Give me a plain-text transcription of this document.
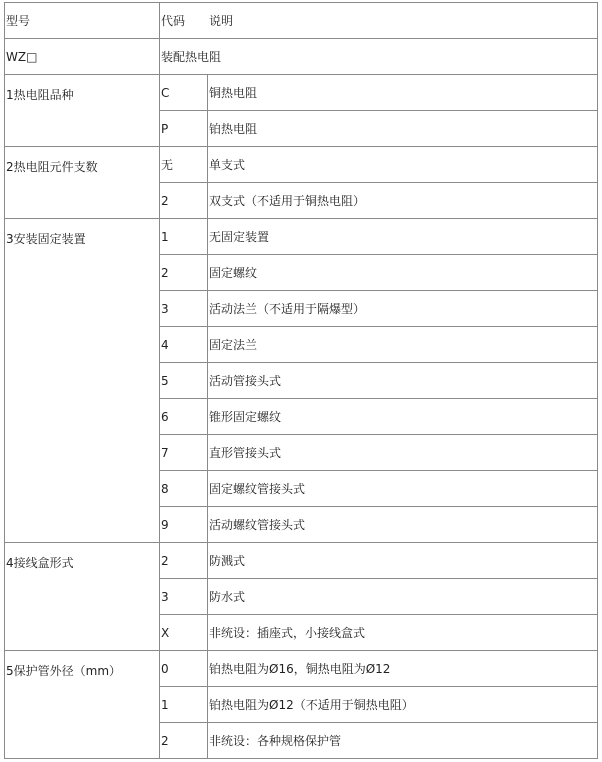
型号	代码 说明	
WZ□	装配热电阻	
1热电阻品种	C	铜热电阻
	P	铂热电阻
2热电阻元件支数	无	单支式
	2	双支式（不适用于铜热电阻）
3安装固定装置	1	无固定装置
	2	固定螺纹
	3	活动法兰（不适用于隔爆型）
	4	固定法兰
	5	活动管接头式
	6	锥形固定螺纹
	7	直形管接头式
	8	固定螺纹管接头式
	9	活动螺纹管接头式
4接线盒形式	2	防溅式
	3	防水式
	X	非统设：插座式，小接线盒式
5保护管外径（mm）	0	铂热电阻为Ø16，铜热电阻为Ø12
	1	铂热电阻为Ø12（不适用于铜热电阻）
	2	非统设：各种规格保护管
